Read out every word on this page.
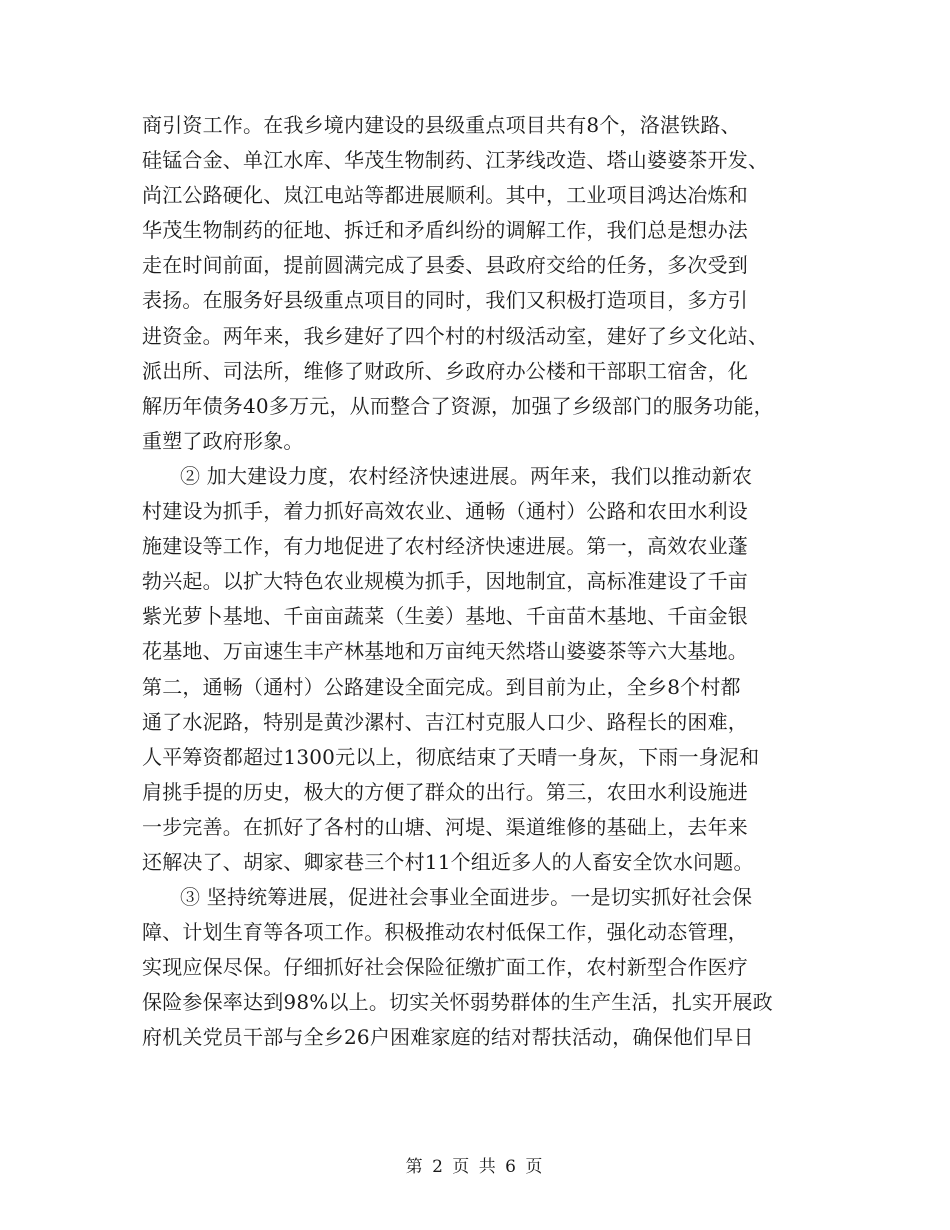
商引资工作。在我乡境内建设的县级重点项目共有8个，洛湛铁路、
硅锰合金、单江水库、华茂生物制药、江茅线改造、塔山婆婆茶开发、
尚江公路硬化、岚江电站等都进展顺利。其中，工业项目鸿达冶炼和
华茂生物制药的征地、拆迁和矛盾纠纷的调解工作，我们总是想办法
走在时间前面，提前圆满完成了县委、县政府交给的任务，多次受到
表扬。在服务好县级重点项目的同时，我们又积极打造项目，多方引
进资金。两年来，我乡建好了四个村的村级活动室，建好了乡文化站、
派出所、司法所，维修了财政所、乡政府办公楼和干部职工宿舍，化
解历年债务40多万元，从而整合了资源，加强了乡级部门的服务功能，
重塑了政府形象。
② 加大建设力度，农村经济快速进展。两年来，我们以推动新农
村建设为抓手，着力抓好高效农业、通畅（通村）公路和农田水利设
施建设等工作，有力地促进了农村经济快速进展。第一，高效农业蓬
勃兴起。以扩大特色农业规模为抓手，因地制宜，高标准建设了千亩
紫光萝卜基地、千亩亩蔬菜（生姜）基地、千亩苗木基地、千亩金银
花基地、万亩速生丰产林基地和万亩纯天然塔山婆婆茶等六大基地。
第二，通畅（通村）公路建设全面完成。到目前为止，全乡8个村都
通了水泥路，特别是黄沙漯村、吉江村克服人口少、路程长的困难，
人平筹资都超过1300元以上，彻底结束了天晴一身灰，下雨一身泥和
肩挑手提的历史，极大的方便了群众的出行。第三，农田水利设施进
一步完善。在抓好了各村的山塘、河堤、渠道维修的基础上，去年来
还解决了、胡家、卿家巷三个村11个组近多人的人畜安全饮水问题。
③ 坚持统筹进展，促进社会事业全面进步。一是切实抓好社会保
障、计划生育等各项工作。积极推动农村低保工作，强化动态管理，
实现应保尽保。仔细抓好社会保险征缴扩面工作，农村新型合作医疗
保险参保率达到98%以上。切实关怀弱势群体的生产生活，扎实开展政
府机关党员干部与全乡26户困难家庭的结对帮扶活动，确保他们早日
第 2 页 共 6 页
